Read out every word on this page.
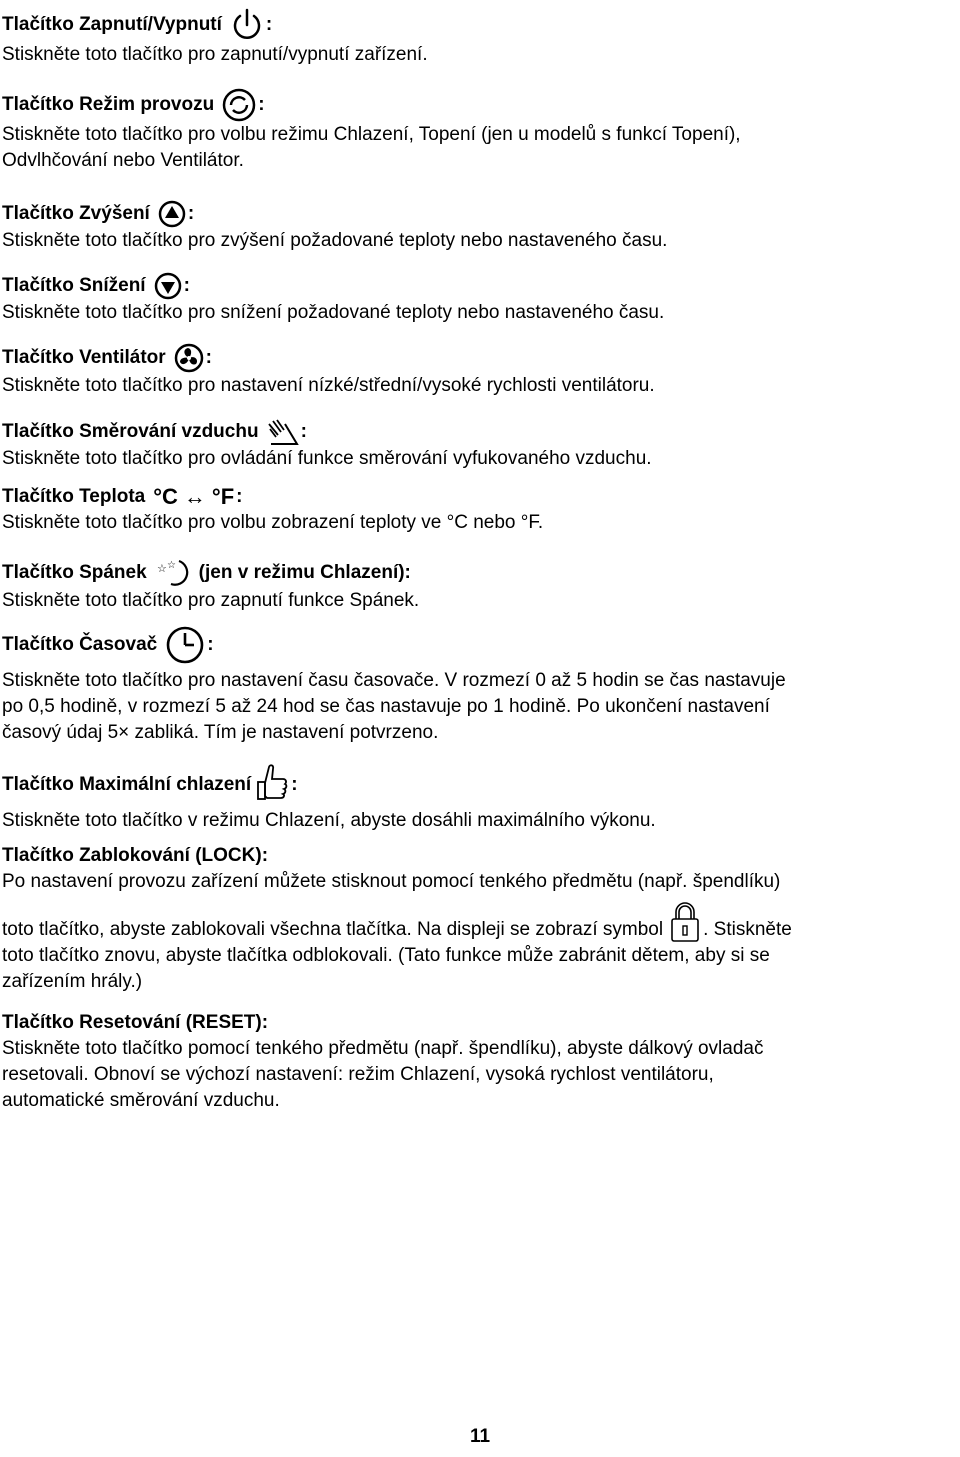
Tlačítko Zapnutí/Vypnutí :
Stiskněte toto tlačítko pro zapnutí/vypnutí zařízení.
Tlačítko Režim provozu :
Stiskněte toto tlačítko pro volbu režimu Chlazení, Topení (jen u modelů s funkcí Topení),
Odvlhčování nebo Ventilátor.
Tlačítko Zvýšení :
Stiskněte toto tlačítko pro zvýšení požadované teploty nebo nastaveného času.
Tlačítko Snížení :
Stiskněte toto tlačítko pro snížení požadované teploty nebo nastaveného času.
Tlačítko Ventilátor :
Stiskněte toto tlačítko pro nastavení nízké/střední/vysoké rychlosti ventilátoru.
Tlačítko Směrování vzduchu :
Stiskněte toto tlačítko pro ovládání funkce směrování vyfukovaného vzduchu.
Tlačítko Teplota °C ↔ °F :
Stiskněte toto tlačítko pro volbu zobrazení teploty ve °C nebo °F.
Tlačítko Spánek ☆ ☆ (jen v režimu Chlazení):
Stiskněte toto tlačítko pro zapnutí funkce Spánek.
Tlačítko Časovač	:
Stiskněte toto tlačítko pro nastavení času časovače. V rozmezí 0 až 5 hodin se čas nastavuje
po 0,5 hodině, v rozmezí 5 až 24 hod se čas nastavuje po 1 hodině. Po ukončení nastavení
časový údaj 5× zabliká. Tím je nastavení potvrzeno.
Tlačítko Maximální chlazení :
Stiskněte toto tlačítko v režimu Chlazení, abyste dosáhli maximálního výkonu.
Tlačítko Zablokování (LOCK):
Po nastavení provozu zařízení můžete stisknout pomocí tenkého předmětu (např. špendlíku)
toto tlačítko, abyste zablokovali všechna tlačítka. Na displeji se zobrazí symbol . Stiskněte
toto tlačítko znovu, abyste tlačítka odblokovali. (Tato funkce může zabránit dětem, aby si se
zařízením hrály.)
Tlačítko Resetování (RESET):
Stiskněte toto tlačítko pomocí tenkého předmětu (např. špendlíku), abyste dálkový ovladač
resetovali. Obnoví se výchozí nastavení: režim Chlazení, vysoká rychlost ventilátoru,
automatické směrování vzduchu.
11
